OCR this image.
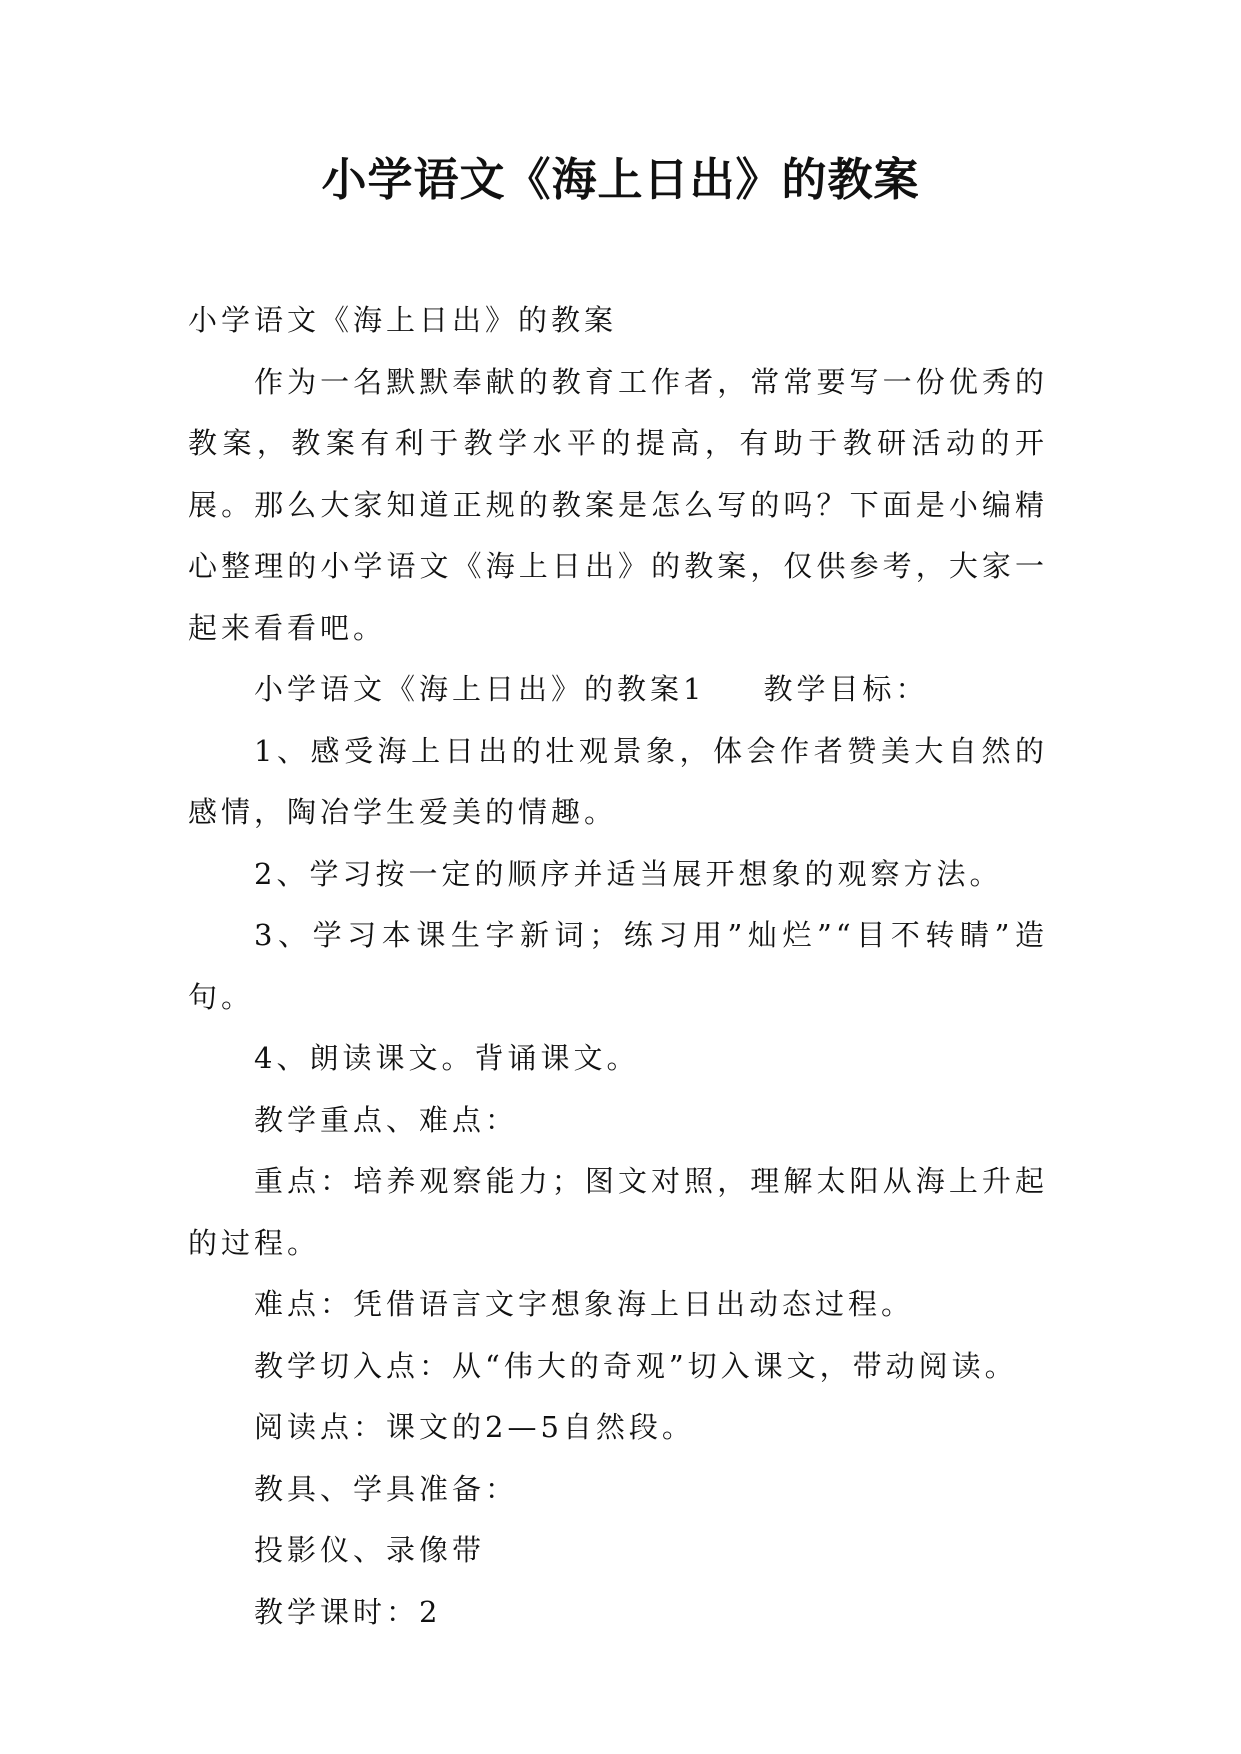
小学语文《海上日出》的教案

小学语文《海上日出》的教案

作为一名默默奉献的教育工作者，常常要写一份优秀的教案，教案有利于教学水平的提高，有助于教研活动的开展。那么大家知道正规的教案是怎么写的吗？下面是小编精心整理的小学语文《海上日出》的教案，仅供参考，大家一起来看看吧。

小学语文《海上日出》的教案1 教学目标：

1、感受海上日出的壮观景象，体会作者赞美大自然的感情，陶冶学生爱美的情趣。

2、学习按一定的顺序并适当展开想象的观察方法。

3、学习本课生字新词；练习用”灿烂”“目不转睛”造句。

4、朗读课文。背诵课文。

教学重点、难点：

重点：培养观察能力；图文对照，理解太阳从海上升起的过程。

难点：凭借语言文字想象海上日出动态过程。

教学切入点：从“伟大的奇观”切入课文，带动阅读。

阅读点：课文的2—5自然段。

教具、学具准备：

投影仪、录像带

教学课时：2
